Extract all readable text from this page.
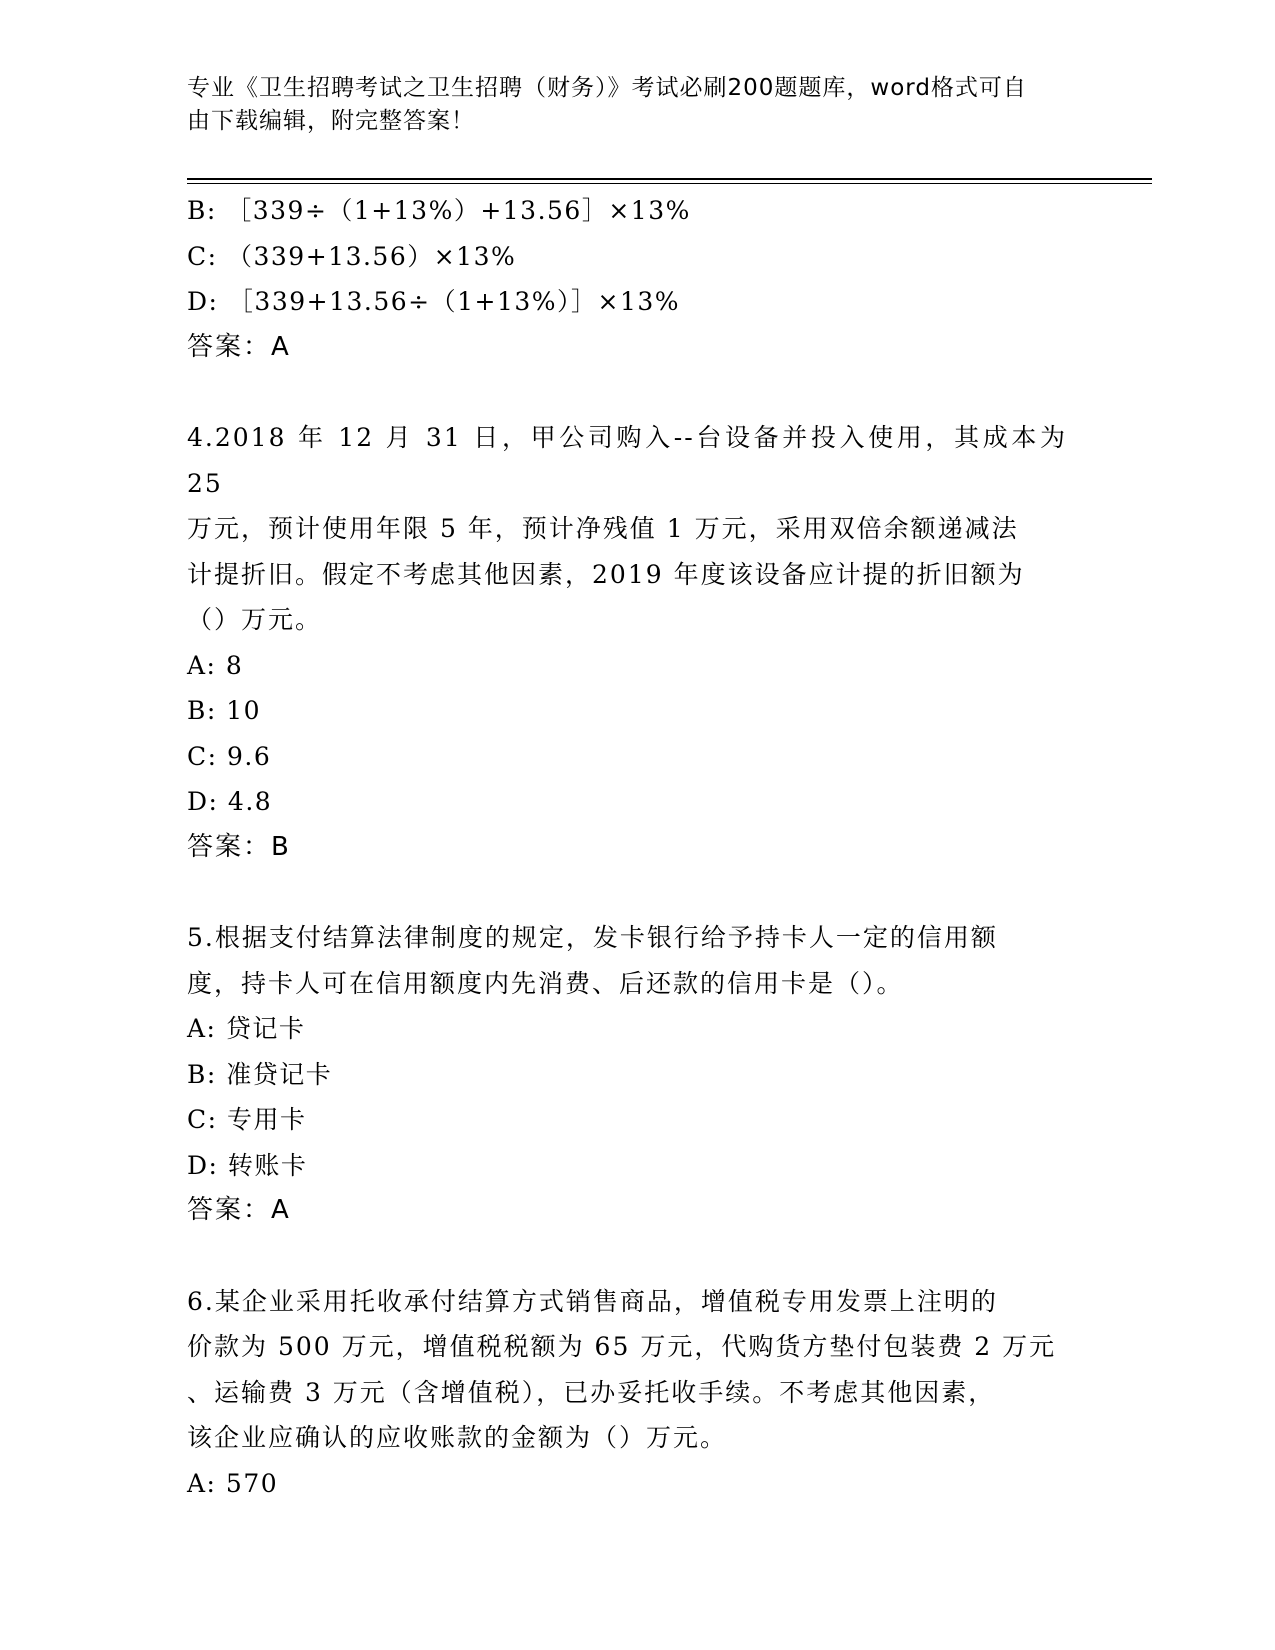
专业《卫生招聘考试之卫生招聘（财务）》考试必刷200题题库，word格式可自
由下载编辑，附完整答案！
B: ［339÷（1+13%）+13.56］×13%
C: （339+13.56）×13%
D: ［339+13.56÷（1+13%）］×13%
答案：A
4.2018 年 12 月 31 日，甲公司购入--台设备并投入使用，其成本为 25
万元，预计使用年限 5 年，预计净残值 1 万元，采用双倍余额递减法
计提折旧。假定不考虑其他因素，2019 年度该设备应计提的折旧额为
（）万元。
A: 8
B: 10
C: 9.6
D: 4.8
答案：B
5.根据支付结算法律制度的规定，发卡银行给予持卡人一定的信用额
度，持卡人可在信用额度内先消费、后还款的信用卡是（）。
A: 贷记卡
B: 准贷记卡
C: 专用卡
D: 转账卡
答案：A
6.某企业采用托收承付结算方式销售商品，增值税专用发票上注明的
价款为 500 万元，增值税税额为 65 万元，代购货方垫付包装费 2 万元
、运输费 3 万元（含增值税），已办妥托收手续。不考虑其他因素，
该企业应确认的应收账款的金额为（）万元。
A: 570
